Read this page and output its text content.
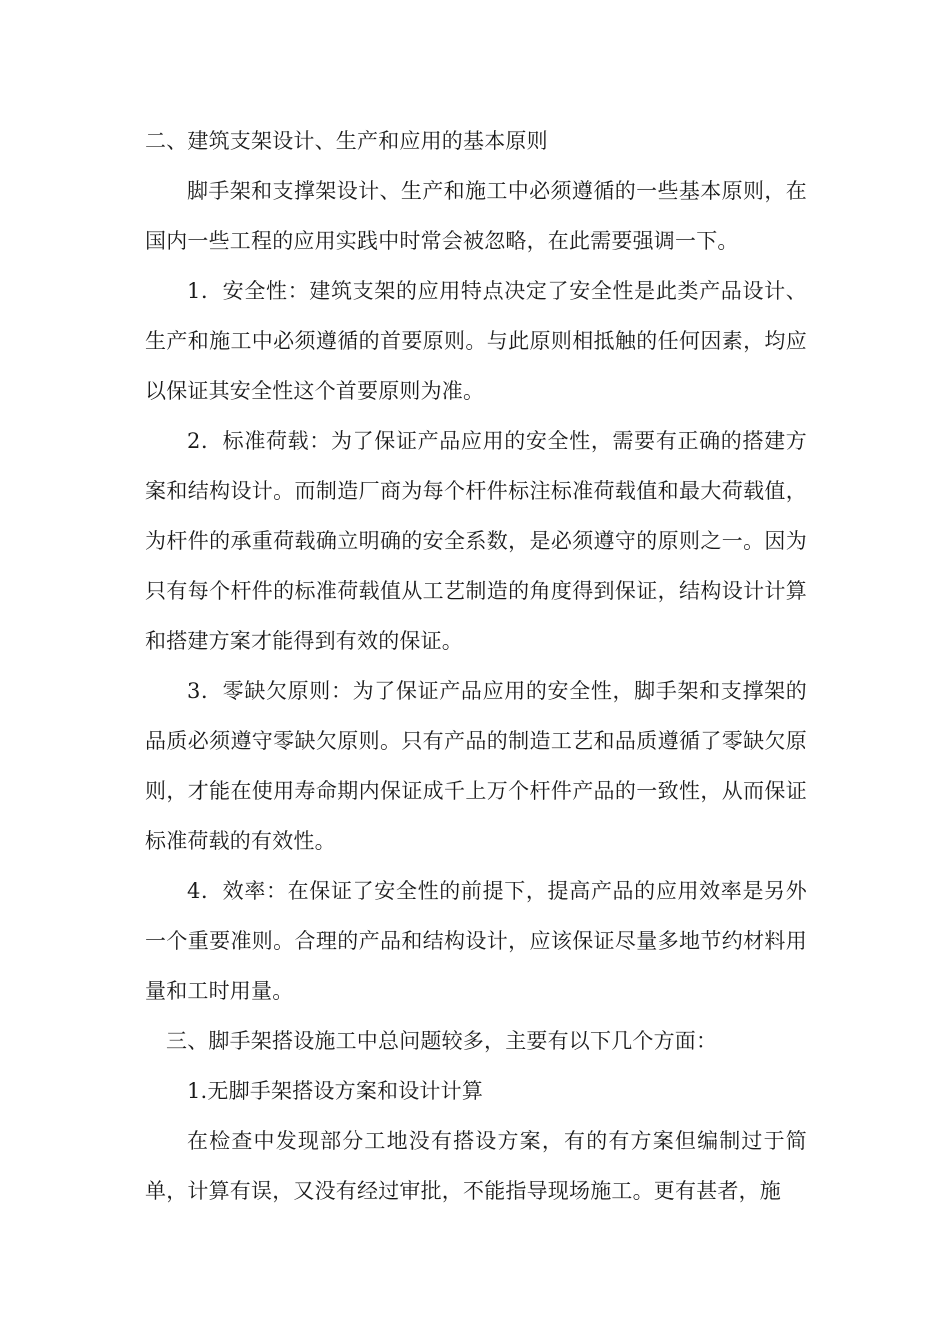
二、建筑支架设计、生产和应用的基本原则

脚手架和支撑架设计、生产和施工中必须遵循的一些基本原则，在国内一些工程的应用实践中时常会被忽略，在此需要强调一下。

1．安全性：建筑支架的应用特点决定了安全性是此类产品设计、生产和施工中必须遵循的首要原则。与此原则相抵触的任何因素，均应以保证其安全性这个首要原则为准。

2．标准荷载：为了保证产品应用的安全性，需要有正确的搭建方案和结构设计。而制造厂商为每个杆件标注标准荷载值和最大荷载值，为杆件的承重荷载确立明确的安全系数，是必须遵守的原则之一。因为只有每个杆件的标准荷载值从工艺制造的角度得到保证，结构设计计算和搭建方案才能得到有效的保证。

3．零缺欠原则：为了保证产品应用的安全性，脚手架和支撑架的品质必须遵守零缺欠原则。只有产品的制造工艺和品质遵循了零缺欠原则，才能在使用寿命期内保证成千上万个杆件产品的一致性，从而保证标准荷载的有效性。

4．效率：在保证了安全性的前提下，提高产品的应用效率是另外一个重要准则。合理的产品和结构设计，应该保证尽量多地节约材料用量和工时用量。

三、脚手架搭设施工中总问题较多，主要有以下几个方面：

1.无脚手架搭设方案和设计计算

在检查中发现部分工地没有搭设方案，有的有方案但编制过于简单，计算有误，又没有经过审批，不能指导现场施工。更有甚者，施
